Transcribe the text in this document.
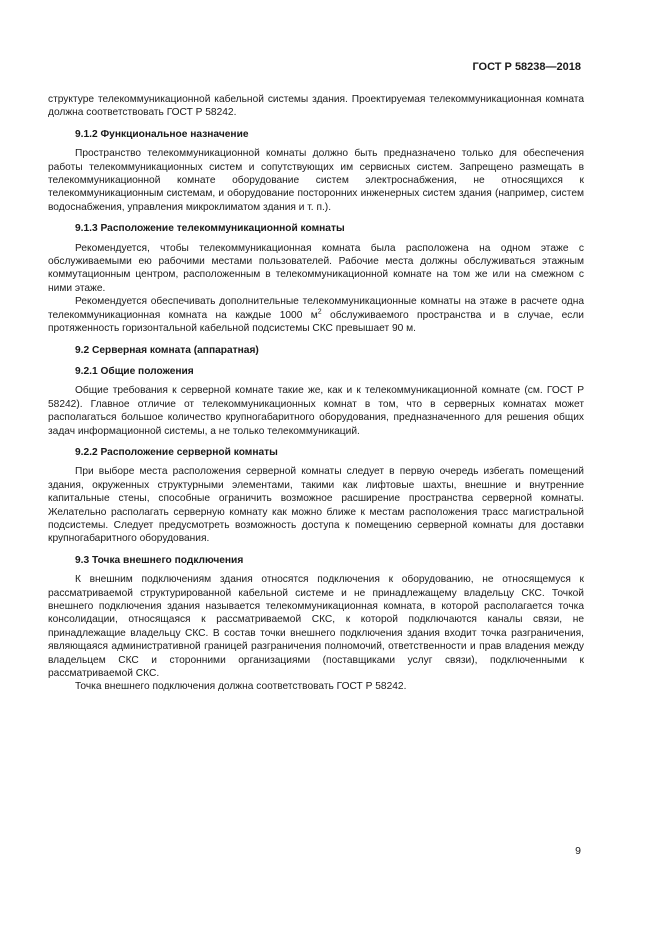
ГОСТ Р 58238—2018

структуре телекоммуникационной кабельной системы здания. Проектируемая телекоммуникационная комната должна соответствовать ГОСТ Р 58242.

9.1.2 Функциональное назначение

Пространство телекоммуникационной комнаты должно быть предназначено только для обеспечения работы телекоммуникационных систем и сопутствующих им сервисных систем. Запрещено размещать в телекоммуникационной комнате оборудование систем электроснабжения, не относящихся к телекоммуникационным системам, и оборудование посторонних инженерных систем здания (например, систем водоснабжения, управления микроклиматом здания и т. п.).

9.1.3 Расположение телекоммуникационной комнаты

Рекомендуется, чтобы телекоммуникационная комната была расположена на одном этаже с обслуживаемыми ею рабочими местами пользователей. Рабочие места должны обслуживаться этажным коммутационным центром, расположенным в телекоммуникационной комнате на том же или на смежном с ними этаже.

Рекомендуется обеспечивать дополнительные телекоммуникационные комнаты на этаже в расчете одна телекоммуникационная комната на каждые 1000 $м^2$ обслуживаемого пространства и в случае, если протяженность горизонтальной кабельной подсистемы СКС превышает 90 м.

9.2 Серверная комната (аппаратная)
9.2.1 Общие положения

Общие требования к серверной комнате такие же, как и к телекоммуникационной комнате (см. ГОСТ Р 58242). Главное отличие от телекоммуникационных комнат в том, что в серверных комнатах может располагаться большое количество крупногабаритного оборудования, предназначенного для решения общих задач информационной системы, а не только телекоммуникаций.

9.2.2 Расположение серверной комнаты

При выборе места расположения серверной комнаты следует в первую очередь избегать помещений здания, окруженных структурными элементами, такими как лифтовые шахты, внешние и внутренние капитальные стены, способные ограничить возможное расширение пространства серверной комнаты. Желательно располагать серверную комнату как можно ближе к местам расположения трасс магистральной подсистемы. Следует предусмотреть возможность доступа к помещению серверной комнаты для доставки крупногабаритного оборудования.

9.3 Точка внешнего подключения

К внешним подключениям здания относятся подключения к оборудованию, не относящемуся к рассматриваемой структурированной кабельной системе и не принадлежащему владельцу СКС. Точкой внешнего подключения здания называется телекоммуникационная комната, в которой располагается точка консолидации, относящаяся к рассматриваемой СКС, к которой подключаются каналы связи, не принадлежащие владельцу СКС. В состав точки внешнего подключения здания входит точка разграничения, являющаяся административной границей разграничения полномочий, ответственности и прав владения между владельцем СКС и сторонними организациями (поставщиками услуг связи), подключенными к рассматриваемой СКС.

Точка внешнего подключения должна соответствовать ГОСТ Р 58242.

9
